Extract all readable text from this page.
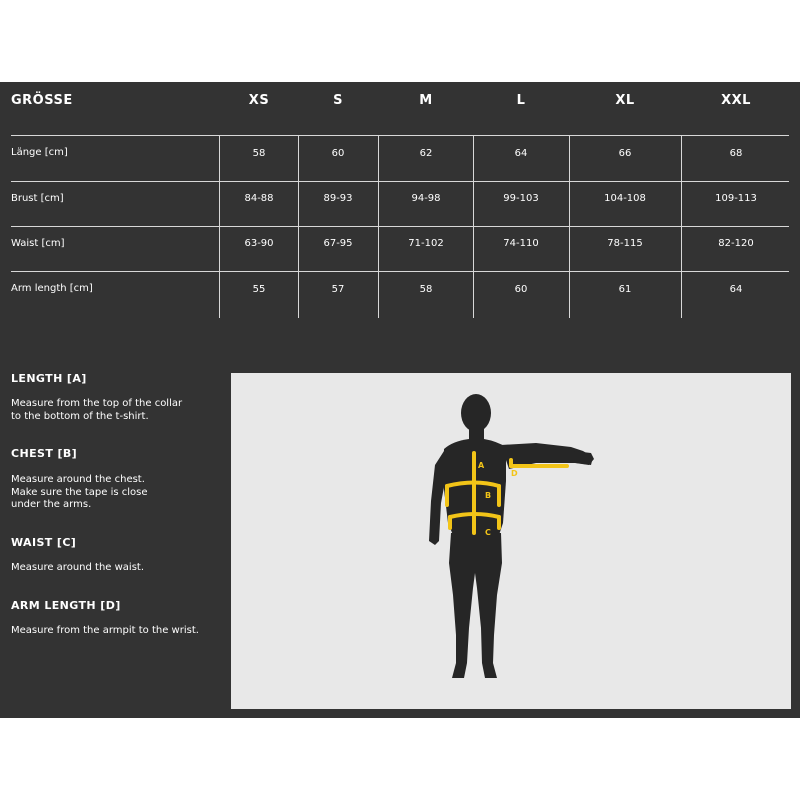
GRÖSSE	XS	S	M	L	XL	XXL
Länge [cm]	58	60	62	64	66	68
Brust [cm]	84-88	89-93	94-98	99-103	104-108	109-113
Waist [cm]	63-90	67-95	71-102	74-110	78-115	82-120
Arm length [cm]	55	57	58	60	61	64
LENGTH [A]
Measure from the top of the collar
to the bottom of the t-shirt.
CHEST [B]
Measure around the chest.
Make sure the tape is close
under the arms.
WAIST [C]
Measure around the waist.
ARM LENGTH [D]
Measure from the armpit to the wrist.
A
B
C
D
